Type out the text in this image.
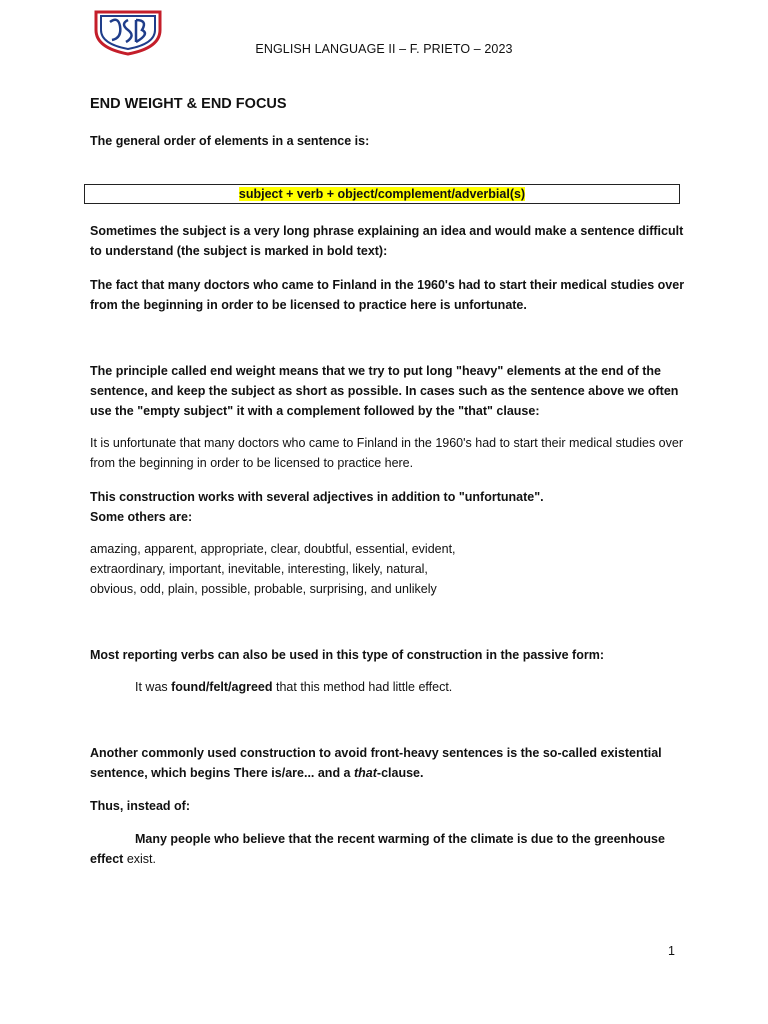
ENGLISH LANGUAGE II – F. PRIETO – 2023
END WEIGHT & END FOCUS

The general order of elements in a sentence is:

subject + verb + object/complement/adverbial(s)

Sometimes the subject is a very long phrase explaining an idea and would make a sentence difficult to understand (the subject is marked in bold text):

The fact that many doctors who came to Finland in the 1960's had to start their medical studies over from the beginning in order to be licensed to practice here is unfortunate.

The principle called end weight means that we try to put long "heavy" elements at the end of the sentence, and keep the subject as short as possible. In cases such as the sentence above we often use the "empty subject" it with a complement followed by the "that" clause:

It is unfortunate that many doctors who came to Finland in the 1960's had to start their medical studies over from the beginning in order to be licensed to practice here.

This construction works with several adjectives in addition to "unfortunate".
Some others are:

amazing, apparent, appropriate, clear, doubtful, essential, evident,
extraordinary, important, inevitable, interesting, likely, natural,
obvious, odd, plain, possible, probable, surprising, and unlikely

Most reporting verbs can also be used in this type of construction in the passive form:

It was found/felt/agreed that this method had little effect.

Another commonly used construction to avoid front-heavy sentences is the so-called existential
sentence, which begins There is/are... and a that-clause.

Thus, instead of:

Many people who believe that the recent warming of the climate is due to the greenhouse
effect exist.

1
